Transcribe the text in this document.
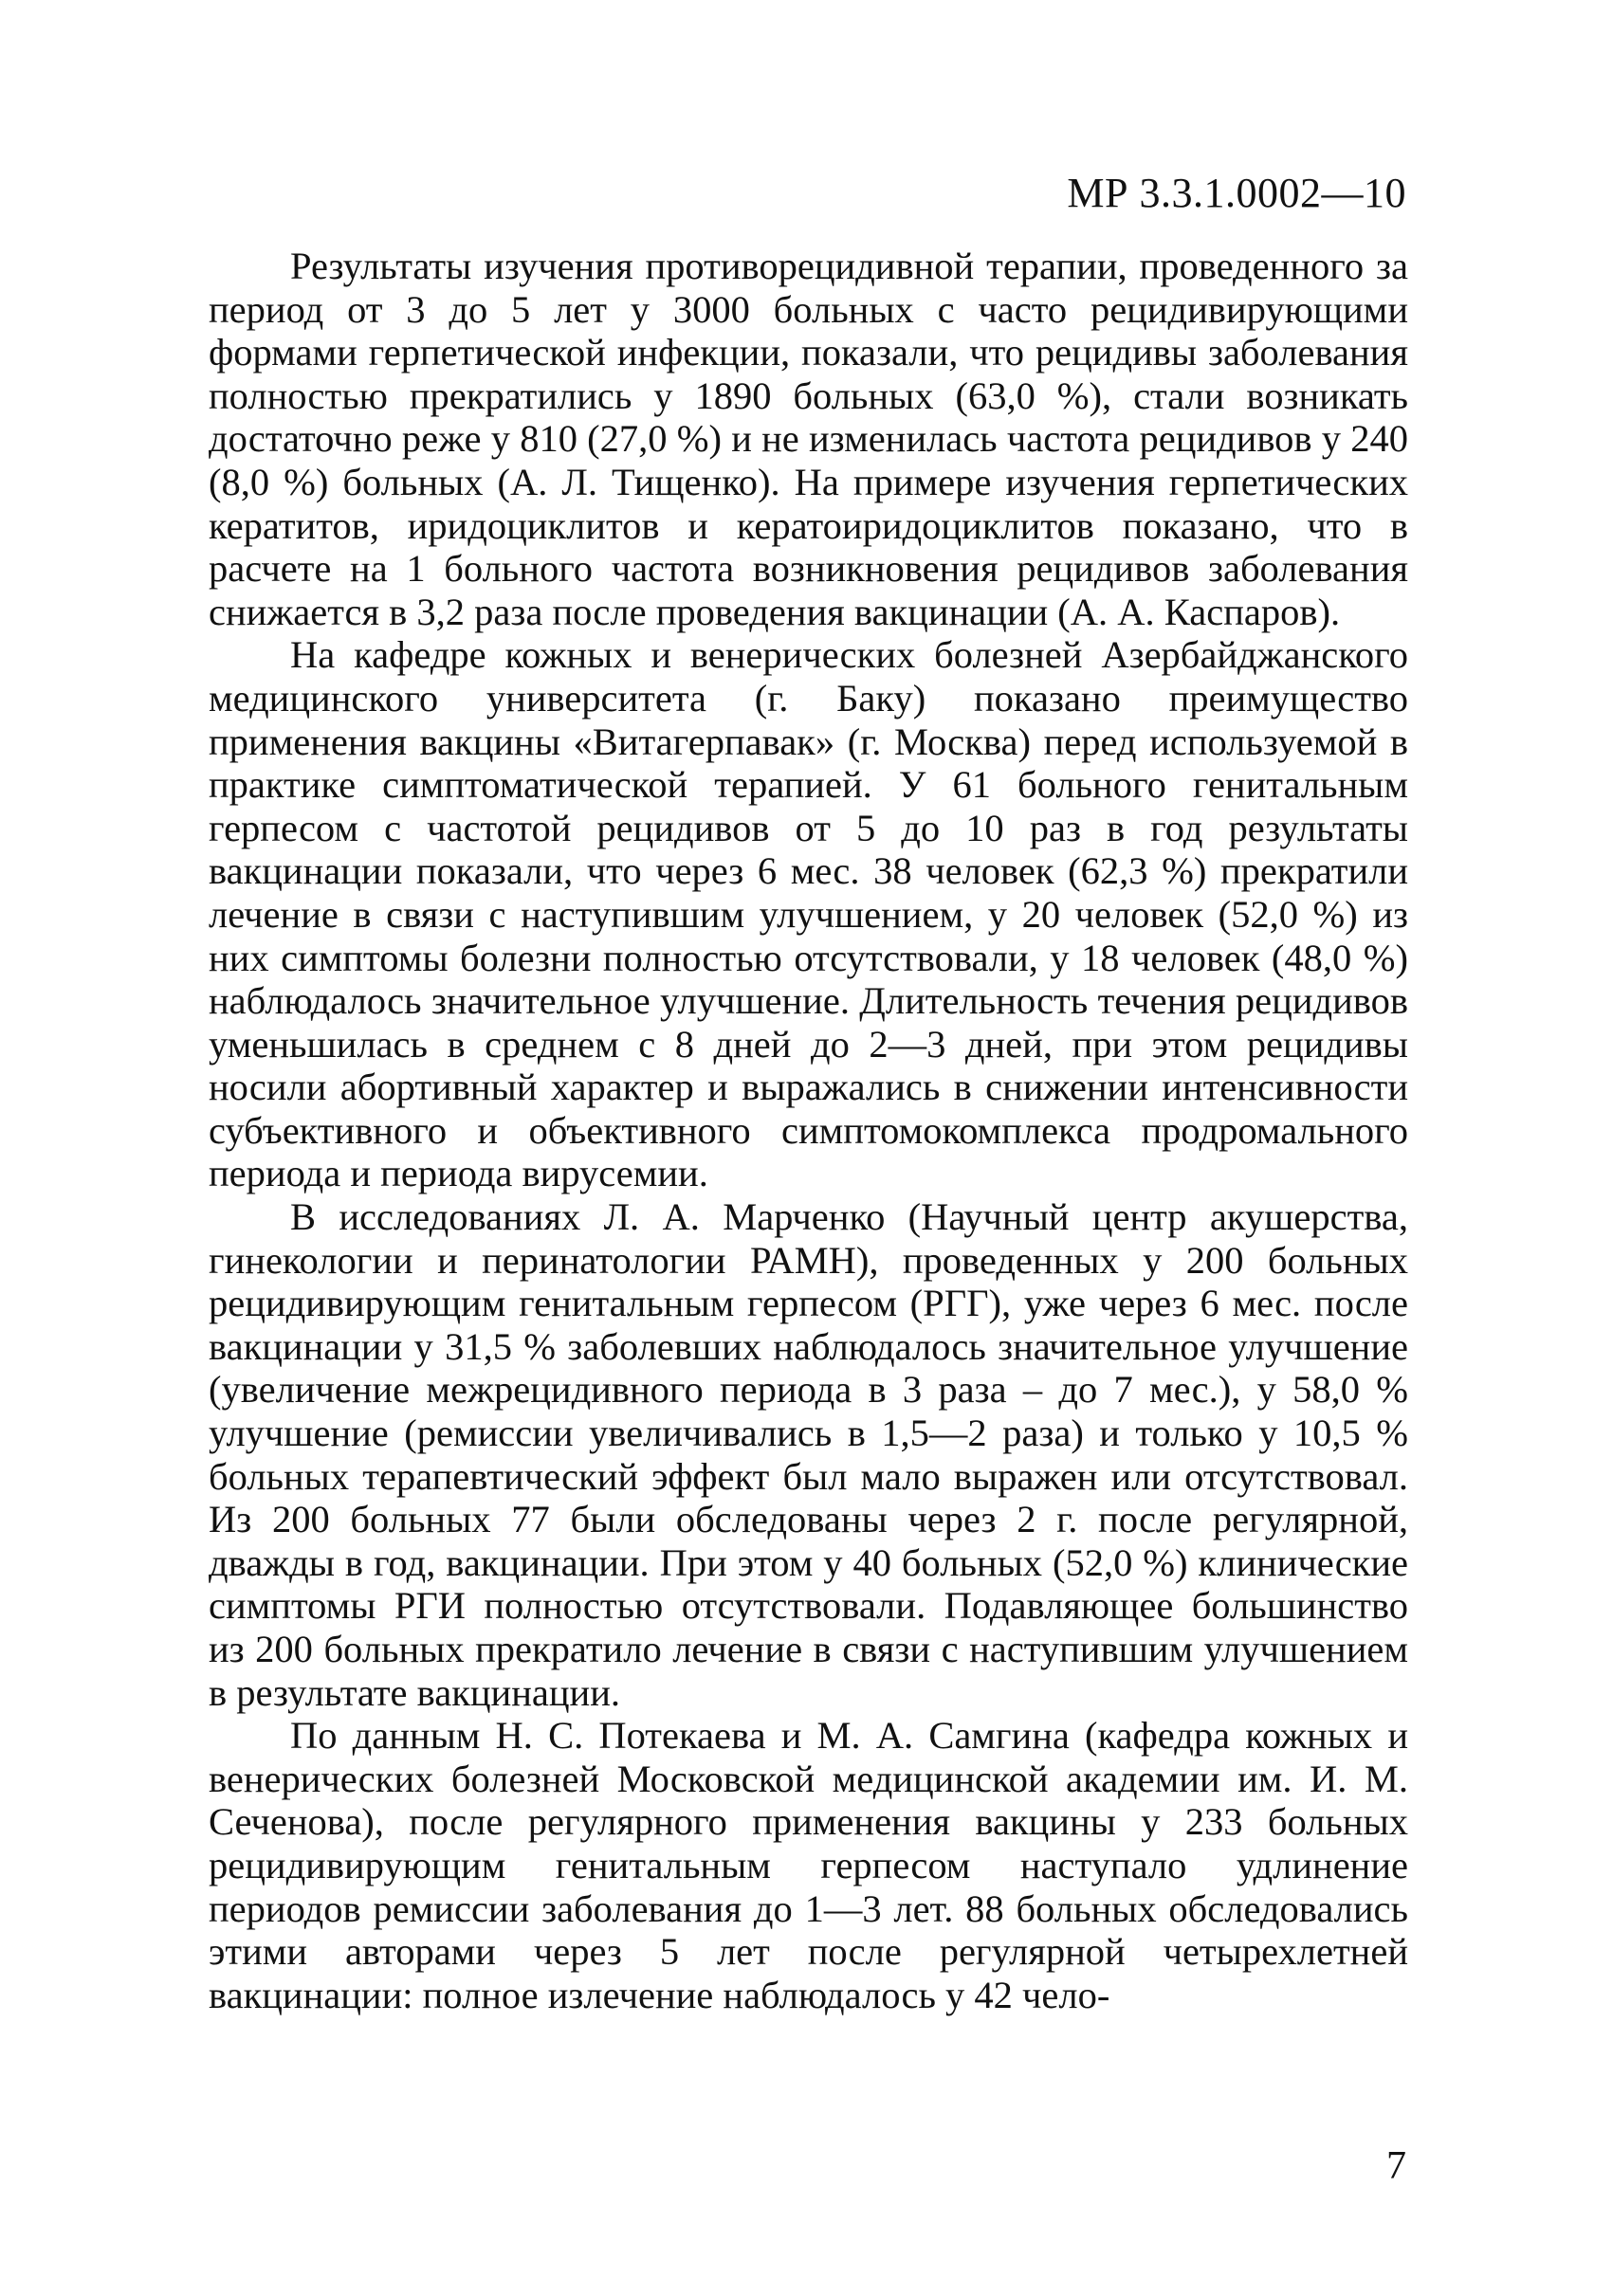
МР 3.3.1.0002—10

Результаты изучения противорецидивной терапии, проведенного за период от 3 до 5 лет у 3000 больных с часто рецидивирующими формами герпетической инфекции, показали, что рецидивы заболевания полностью прекратились у 1890 больных (63,0 %), стали возникать достаточно реже у 810 (27,0 %) и не изменилась частота рецидивов у 240 (8,0 %) больных (А. Л. Тищенко). На примере изучения герпетических кератитов, иридоциклитов и кератоиридоциклитов показано, что в расчете на 1 больного частота возникновения рецидивов заболевания снижается в 3,2 раза после проведения вакцинации (А. А. Каспаров).

На кафедре кожных и венерических болезней Азербайджанского медицинского университета (г. Баку) показано преимущество применения вакцины «Витагерпавак» (г. Москва) перед используемой в практике симптоматической терапией. У 61 больного генитальным герпесом с частотой рецидивов от 5 до 10 раз в год результаты вакцинации показали, что через 6 мес. 38 человек (62,3 %) прекратили лечение в связи с наступившим улучшением, у 20 человек (52,0 %) из них симптомы болезни полностью отсутствовали, у 18 человек (48,0 %) наблюдалось значительное улучшение. Длительность течения рецидивов уменьшилась в среднем с 8 дней до 2—3 дней, при этом рецидивы носили абортивный характер и выражались в снижении интенсивности субъективного и объективного симптомокомплекса продромального периода и периода вирусемии.

В исследованиях Л. А. Марченко (Научный центр акушерства, гинекологии и перинатологии РАМН), проведенных у 200 больных рецидивирующим генитальным герпесом (РГГ), уже через 6 мес. после вакцинации у 31,5 % заболевших наблюдалось значительное улучшение (увеличение межрецидивного периода в 3 раза – до 7 мес.), у 58,0 % улучшение (ремиссии увеличивались в 1,5—2 раза) и только у 10,5 % больных терапевтический эффект был мало выражен или отсутствовал. Из 200 больных 77 были обследованы через 2 г. после регулярной, дважды в год, вакцинации. При этом у 40 больных (52,0 %) клинические симптомы РГИ полностью отсутствовали. Подавляющее большинство из 200 больных прекратило лечение в связи с наступившим улучшением в результате вакцинации.

По данным Н. С. Потекаева и М. А. Самгина (кафедра кожных и венерических болезней Московской медицинской академии им. И. М. Сеченова), после регулярного применения вакцины у 233 больных рецидивирующим генитальным герпесом наступало удлинение периодов ремиссии заболевания до 1—3 лет. 88 больных обследовались этими авторами через 5 лет после регулярной четырехлетней вакцинации: полное излечение наблюдалось у 42 чело-

7
